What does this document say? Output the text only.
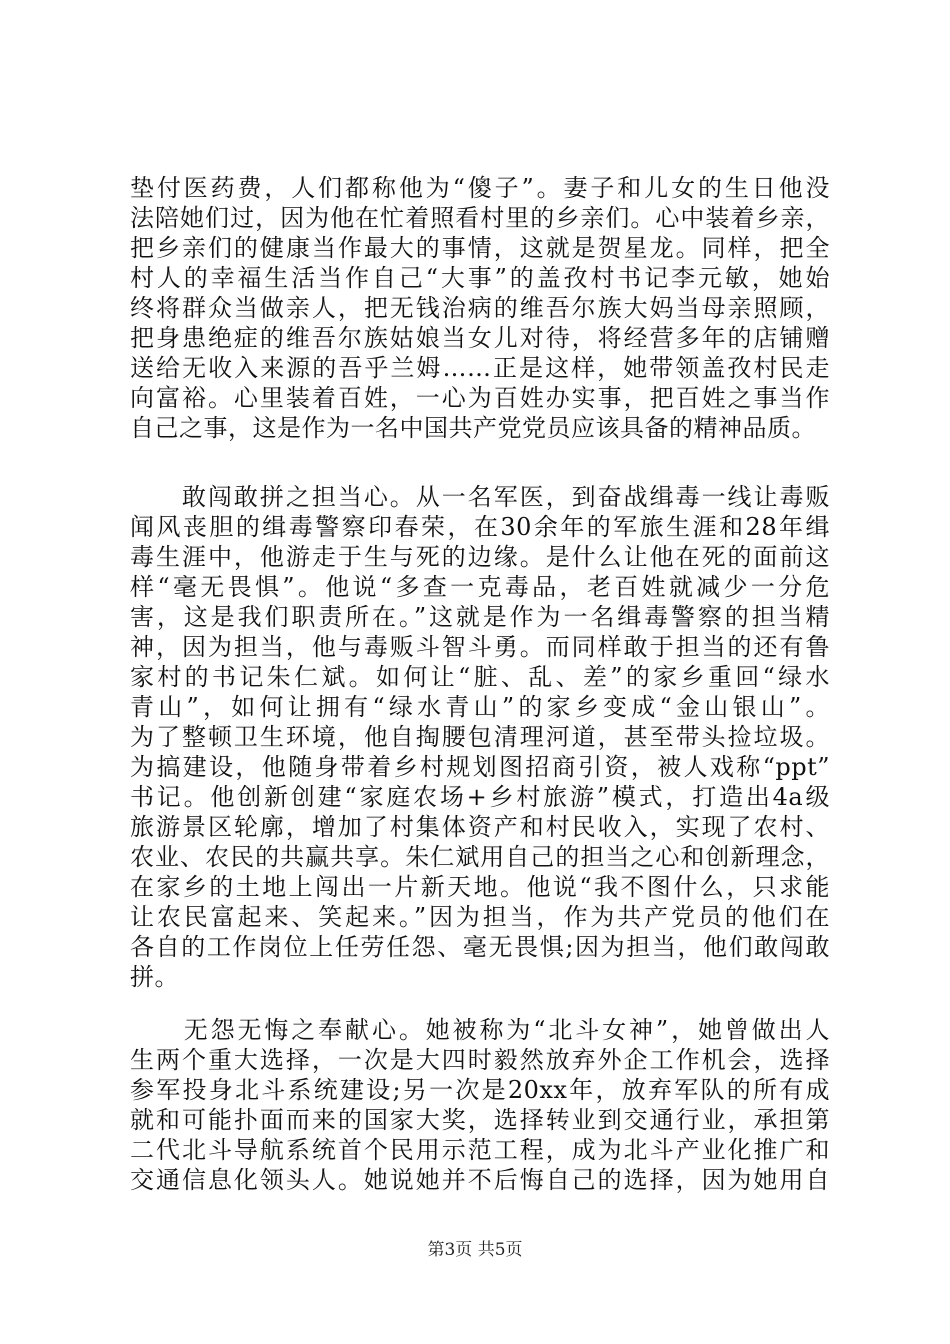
垫付医药费，人们都称他为“傻子”。妻子和儿女的生日他没
法陪她们过，因为他在忙着照看村里的乡亲们。心中装着乡亲，
把乡亲们的健康当作最大的事情，这就是贺星龙。同样，把全
村人的幸福生活当作自己“大事”的盖孜村书记李元敏，她始
终将群众当做亲人，把无钱治病的维吾尔族大妈当母亲照顾，
把身患绝症的维吾尔族姑娘当女儿对待，将经营多年的店铺赠
送给无收入来源的吾乎兰姆……正是这样，她带领盖孜村民走
向富裕。心里装着百姓，一心为百姓办实事，把百姓之事当作
自己之事，这是作为一名中国共产党党员应该具备的精神品质。
　　敢闯敢拼之担当心。从一名军医，到奋战缉毒一线让毒贩
闻风丧胆的缉毒警察印春荣，在30余年的军旅生涯和28年缉
毒生涯中，他游走于生与死的边缘。是什么让他在死的面前这
样“毫无畏惧”。他说“多查一克毒品，老百姓就减少一分危
害，这是我们职责所在。”这就是作为一名缉毒警察的担当精
神，因为担当，他与毒贩斗智斗勇。而同样敢于担当的还有鲁
家村的书记朱仁斌。如何让“脏、乱、差”的家乡重回“绿水
青山”，如何让拥有“绿水青山”的家乡变成“金山银山”。
为了整顿卫生环境，他自掏腰包清理河道，甚至带头捡垃圾。
为搞建设，他随身带着乡村规划图招商引资，被人戏称“ppt”
书记。他创新创建“家庭农场+乡村旅游”模式，打造出4a级
旅游景区轮廓，增加了村集体资产和村民收入，实现了农村、
农业、农民的共赢共享。朱仁斌用自己的担当之心和创新理念，
在家乡的土地上闯出一片新天地。他说“我不图什么，只求能
让农民富起来、笑起来。”因为担当，作为共产党员的他们在
各自的工作岗位上任劳任怨、毫无畏惧;因为担当，他们敢闯敢
拼。
　　无怨无悔之奉献心。她被称为“北斗女神”，她曾做出人
生两个重大选择，一次是大四时毅然放弃外企工作机会，选择
参军投身北斗系统建设;另一次是20xx年，放弃军队的所有成
就和可能扑面而来的国家大奖，选择转业到交通行业，承担第
二代北斗导航系统首个民用示范工程，成为北斗产业化推广和
交通信息化领头人。她说她并不后悔自己的选择，因为她用自
第3页 共5页
